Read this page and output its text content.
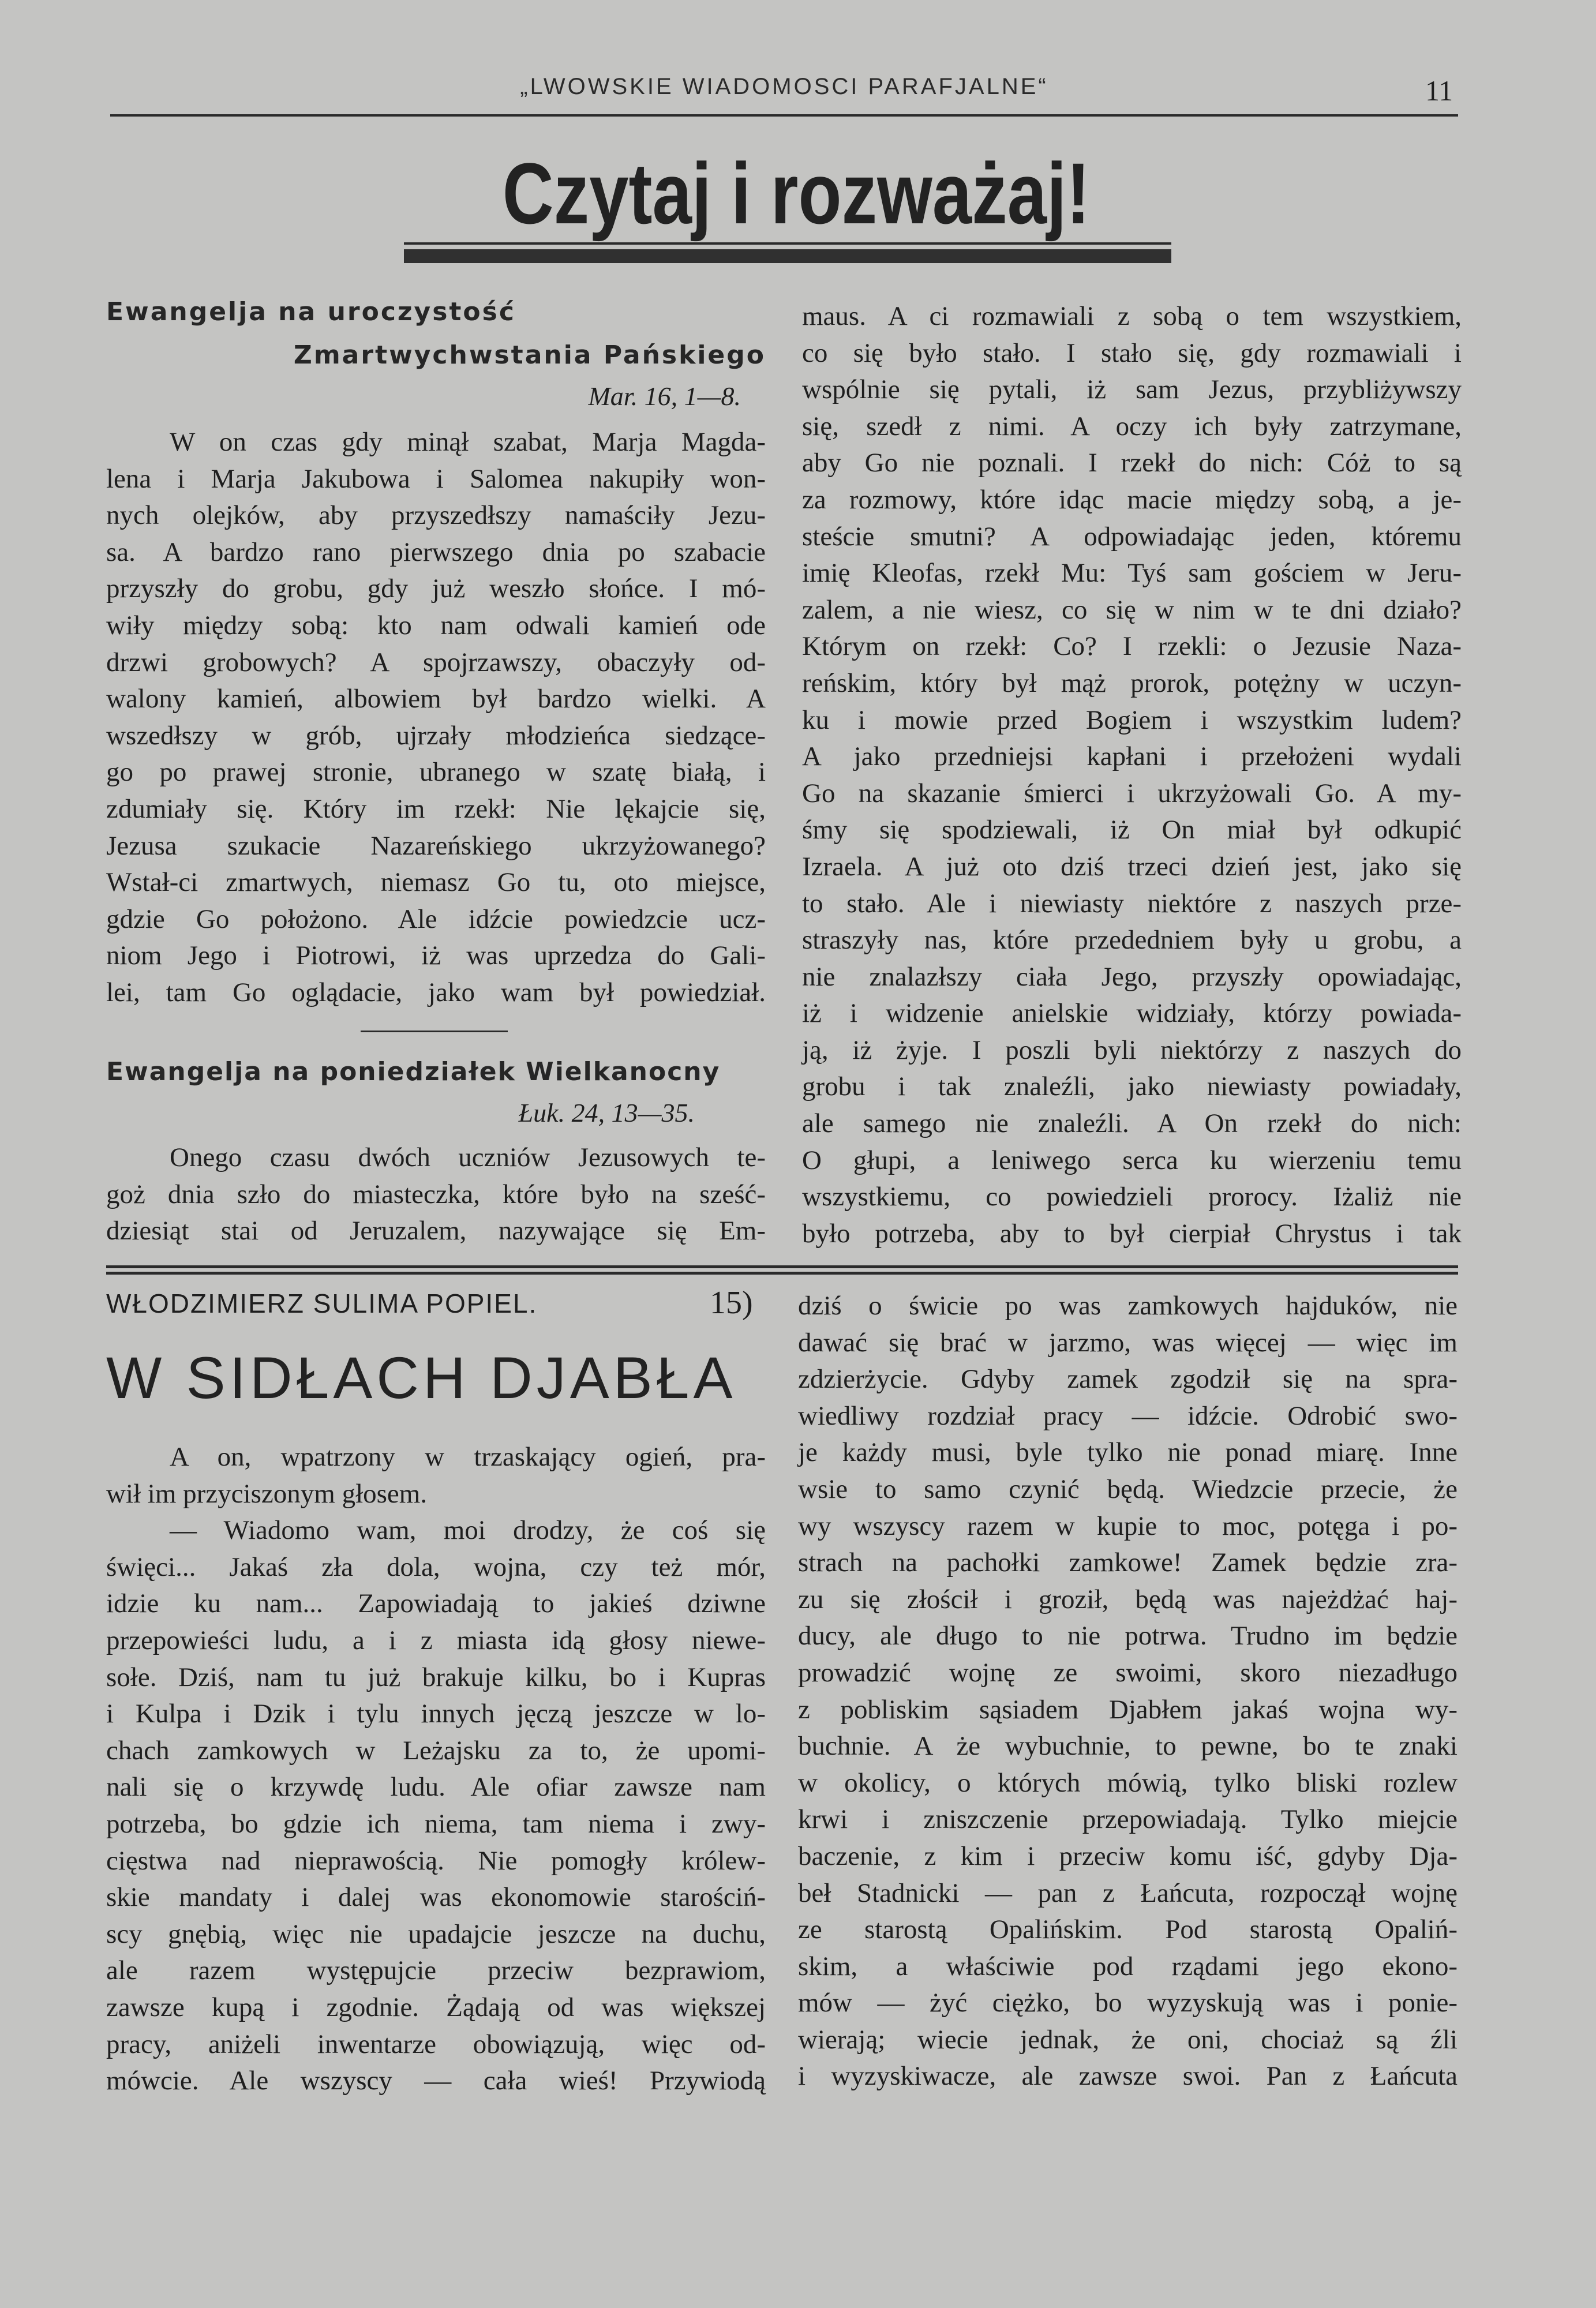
„LWOWSKIE WIADOMOSCI PARAFJALNE“	11
Czytaj i rozważaj!
Ewangelja na uroczystość
Zmartwychwstania Pańskiego
Mar. 16, 1—8.
W on czas gdy minął szabat, Marja Magda-
lena i Marja Jakubowa i Salomea nakupiły won-
nych olejków, aby przyszedłszy namaściły Jezu-
sa. A bardzo rano pierwszego dnia po szabacie
przyszły do grobu, gdy już weszło słońce. I mó-
wiły między sobą: kto nam odwali kamień ode
drzwi grobowych? A spojrzawszy, obaczyły od-
walony kamień, albowiem był bardzo wielki. A
wszedłszy w grób, ujrzały młodzieńca siedzące-
go po prawej stronie, ubranego w szatę białą, i
zdumiały się. Który im rzekł: Nie lękajcie się,
Jezusa szukacie Nazareńskiego ukrzyżowanego?
Wstał-ci zmartwych, niemasz Go tu, oto miejsce,
gdzie Go położono. Ale idźcie powiedzcie ucz-
niom Jego i Piotrowi, iż was uprzedza do Gali-
lei, tam Go oglądacie, jako wam był powiedział.
Ewangelja na poniedziałek Wielkanocny
Łuk. 24, 13—35.
Onego czasu dwóch uczniów Jezusowych te-
goż dnia szło do miasteczka, które było na sześć-
dziesiąt stai od Jeruzalem, nazywające się Em-
maus. A ci rozmawiali z sobą o tem wszystkiem,
co się było stało. I stało się, gdy rozmawiali i
wspólnie się pytali, iż sam Jezus, przybliżywszy
się, szedł z nimi. A oczy ich były zatrzymane,
aby Go nie poznali. I rzekł do nich: Cóż to są
za rozmowy, które idąc macie między sobą, a je-
steście smutni? A odpowiadając jeden, któremu
imię Kleofas, rzekł Mu: Tyś sam gościem w Jeru-
zalem, a nie wiesz, co się w nim w te dni działo?
Którym on rzekł: Co? I rzekli: o Jezusie Naza-
reńskim, który był mąż prorok, potężny w uczyn-
ku i mowie przed Bogiem i wszystkim ludem?
A jako przedniejsi kapłani i przełożeni wydali
Go na skazanie śmierci i ukrzyżowali Go. A my-
śmy się spodziewali, iż On miał był odkupić
Izraela. A już oto dziś trzeci dzień jest, jako się
to stało. Ale i niewiasty niektóre z naszych prze-
straszyły nas, które przededniem były u grobu, a
nie znalazłszy ciała Jego, przyszły opowiadając,
iż i widzenie anielskie widziały, którzy powiada-
ją, iż żyje. I poszli byli niektórzy z naszych do
grobu i tak znaleźli, jako niewiasty powiadały,
ale samego nie znaleźli. A On rzekł do nich:
O głupi, a leniwego serca ku wierzeniu temu
wszystkiemu, co powiedzieli prorocy. Iżaliż nie
było potrzeba, aby to był cierpiał Chrystus i tak
WŁODZIMIERZ SULIMA POPIEL.	15)
W SIDŁACH DJABŁA
A on, wpatrzony w trzaskający ogień, pra-
wił im przyciszonym głosem.
— Wiadomo wam, moi drodzy, że coś się
święci... Jakaś zła dola, wojna, czy też mór,
idzie ku nam... Zapowiadają to jakieś dziwne
przepowieści ludu, a i z miasta idą głosy niewe-
sołe. Dziś, nam tu już brakuje kilku, bo i Kupras
i Kulpa i Dzik i tylu innych jęczą jeszcze w lo-
chach zamkowych w Leżajsku za to, że upomi-
nali się o krzywdę ludu. Ale ofiar zawsze nam
potrzeba, bo gdzie ich niema, tam niema i zwy-
cięstwa nad nieprawością. Nie pomogły królew-
skie mandaty i dalej was ekonomowie starościń-
scy gnębią, więc nie upadajcie jeszcze na duchu,
ale razem występujcie przeciw bezprawiom,
zawsze kupą i zgodnie. Żądają od was większej
pracy, aniżeli inwentarze obowiązują, więc od-
mówcie. Ale wszyscy — cała wieś! Przywiodą
dziś o świcie po was zamkowych hajduków, nie
dawać się brać w jarzmo, was więcej — więc im
zdzierżycie. Gdyby zamek zgodził się na spra-
wiedliwy rozdział pracy — idźcie. Odrobić swo-
je każdy musi, byle tylko nie ponad miarę. Inne
wsie to samo czynić będą. Wiedzcie przecie, że
wy wszyscy razem w kupie to moc, potęga i po-
strach na pachołki zamkowe! Zamek będzie zra-
zu się złościł i groził, będą was najeżdżać haj-
ducy, ale długo to nie potrwa. Trudno im będzie
prowadzić wojnę ze swoimi, skoro niezadługo
z pobliskim sąsiadem Djabłem jakaś wojna wy-
buchnie. A że wybuchnie, to pewne, bo te znaki
w okolicy, o których mówią, tylko bliski rozlew
krwi i zniszczenie przepowiadają. Tylko miejcie
baczenie, z kim i przeciw komu iść, gdyby Dja-
beł Stadnicki — pan z Łańcuta, rozpoczął wojnę
ze starostą Opalińskim. Pod starostą Opaliń-
skim, a właściwie pod rządami jego ekono-
mów — żyć ciężko, bo wyzyskują was i ponie-
wierają; wiecie jednak, że oni, chociaż są źli
i wyzyskiwacze, ale zawsze swoi. Pan z Łańcuta
